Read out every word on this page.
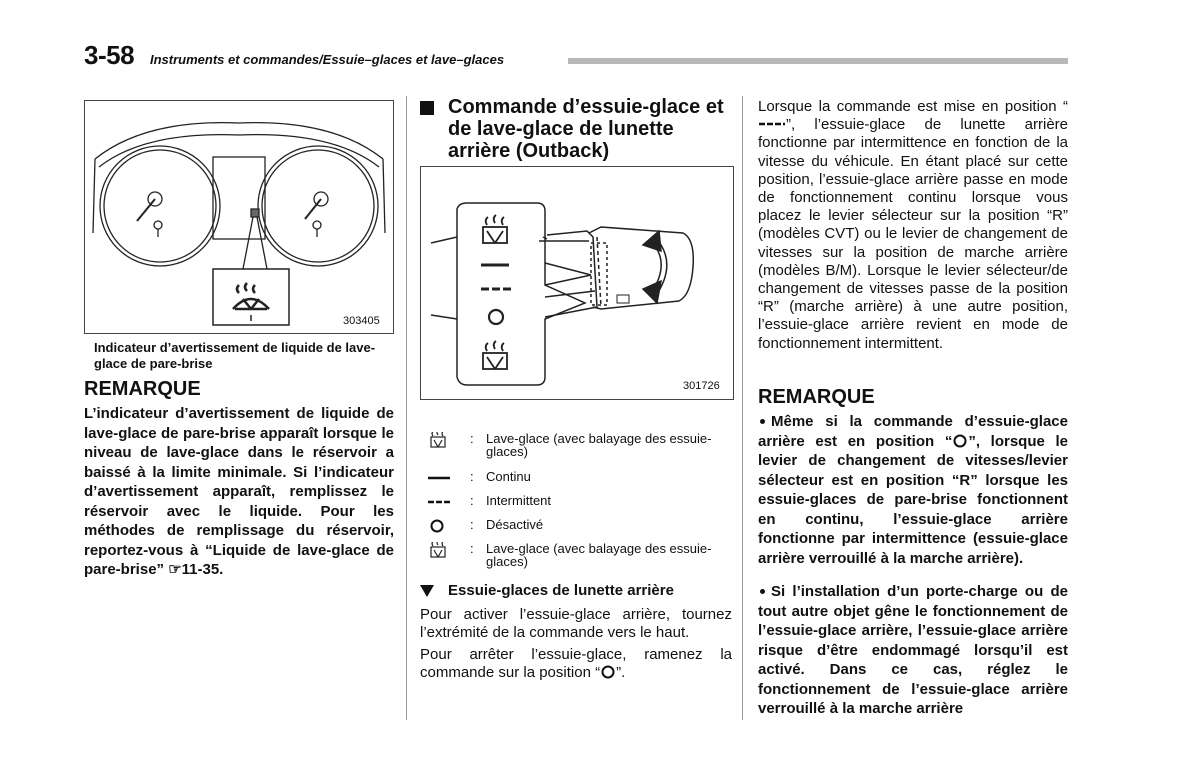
3-58 Instruments et commandes/Essuie–glaces et lave–glaces
303405
Indicateur d’avertissement de liquide de lave-glace de pare-brise
REMARQUE
L’indicateur d’avertissement de liquide de lave-glace de pare-brise apparaît lorsque le niveau de lave-glace dans le réservoir a baissé à la limite minimale. Si l’indicateur d’avertissement apparaît, remplissez le réservoir avec le liquide. Pour les méthodes de remplissage du réservoir, reportez-vous à “Liquide de lave-glace de pare-brise” ☞11-35.
Commande d’essuie-glace et de lave-glace de lunette arrière (Outback)
301726
: Lave-glace (avec balayage des essuie-glaces)
: Continu
: Intermittent
: Désactivé
: Lave-glace (avec balayage des essuie-glaces)
Essuie-glaces de lunette arrière
Pour activer l’essuie-glace arrière, tournez l’extrémité de la commande vers le haut.
Pour arrêter l’essuie-glace, ramenez la commande sur la position “ ”.
Lorsque la commande est mise en position “”, l’essuie-glace de lunette arrière fonctionne par intermittence en fonction de la vitesse du véhicule. En étant placé sur cette position, l’essuie-glace arrière passe en mode de fonctionnement continu lorsque vous placez le levier sélecteur sur la position “R” (modèles CVT) ou le levier de changement de vitesses sur la position de marche arrière (modèles B/M). Lorsque le levier sélecteur/de changement de vitesses passe de la position “R” (marche arrière) à une autre position, l’essuie-glace arrière revient en mode de fonctionnement intermittent.
REMARQUE
Même si la commande d’essuie-glace arrière est en position “ ”, lorsque le levier de changement de vitesses/levier sélecteur est en position “R” lorsque les essuie-glaces de pare-brise fonctionnent en continu, l’essuie-glace arrière fonctionne par intermittence (essuie-glace arrière verrouillé à la marche arrière).
Si l’installation d’un porte-charge ou de tout autre objet gêne le fonctionnement de l’essuie-glace arrière, l’essuie-glace arrière risque d’être endommagé lorsqu’il est activé. Dans ce cas, réglez le fonctionnement de l’essuie-glace arrière verrouillé à la marche arrière
